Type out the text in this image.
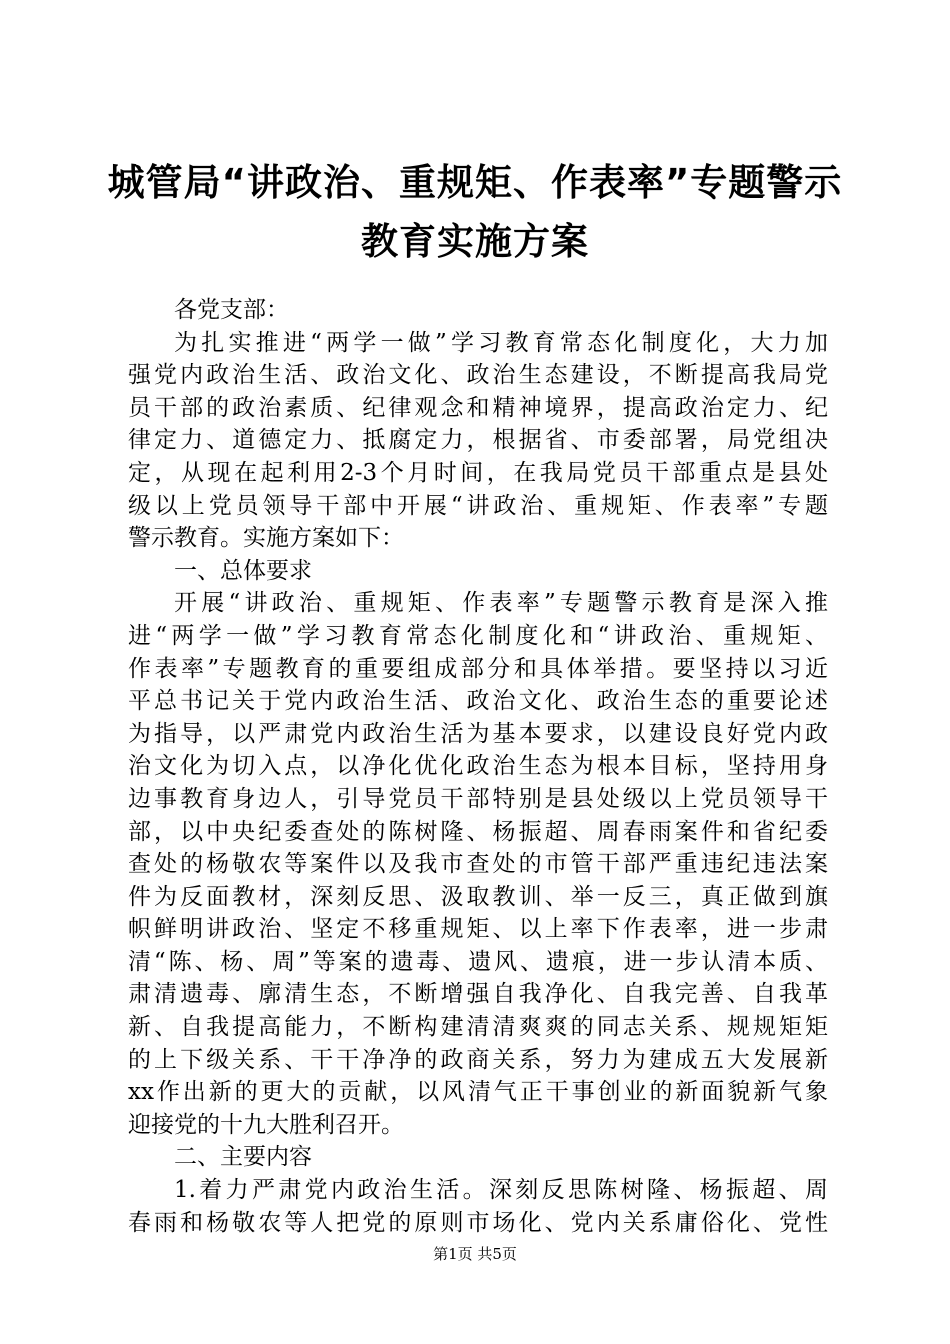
城管局“讲政治、重规矩、作表率”专题警示
教育实施方案
各党支部：
为扎实推进“两学一做”学习教育常态化制度化，大力加
强党内政治生活、政治文化、政治生态建设，不断提高我局党
员干部的政治素质、纪律观念和精神境界，提高政治定力、纪
律定力、道德定力、抵腐定力，根据省、市委部署，局党组决
定，从现在起利用2-3个月时间，在我局党员干部重点是县处
级以上党员领导干部中开展“讲政治、重规矩、作表率”专题
警示教育。实施方案如下：
一、总体要求
开展“讲政治、重规矩、作表率”专题警示教育是深入推
进“两学一做”学习教育常态化制度化和“讲政治、重规矩、
作表率”专题教育的重要组成部分和具体举措。要坚持以习近
平总书记关于党内政治生活、政治文化、政治生态的重要论述
为指导，以严肃党内政治生活为基本要求，以建设良好党内政
治文化为切入点，以净化优化政治生态为根本目标，坚持用身
边事教育身边人，引导党员干部特别是县处级以上党员领导干
部，以中央纪委查处的陈树隆、杨振超、周春雨案件和省纪委
查处的杨敬农等案件以及我市查处的市管干部严重违纪违法案
件为反面教材，深刻反思、汲取教训、举一反三，真正做到旗
帜鲜明讲政治、坚定不移重规矩、以上率下作表率，进一步肃
清“陈、杨、周”等案的遗毒、遗风、遗痕，进一步认清本质、
肃清遗毒、廓清生态，不断增强自我净化、自我完善、自我革
新、自我提高能力，不断构建清清爽爽的同志关系、规规矩矩
的上下级关系、干干净净的政商关系，努力为建成五大发展新
xx作出新的更大的贡献，以风清气正干事创业的新面貌新气象
迎接党的十九大胜利召开。
二、主要内容
1.着力严肃党内政治生活。深刻反思陈树隆、杨振超、周
春雨和杨敬农等人把党的原则市场化、党内关系庸俗化、党性
第1页 共5页
